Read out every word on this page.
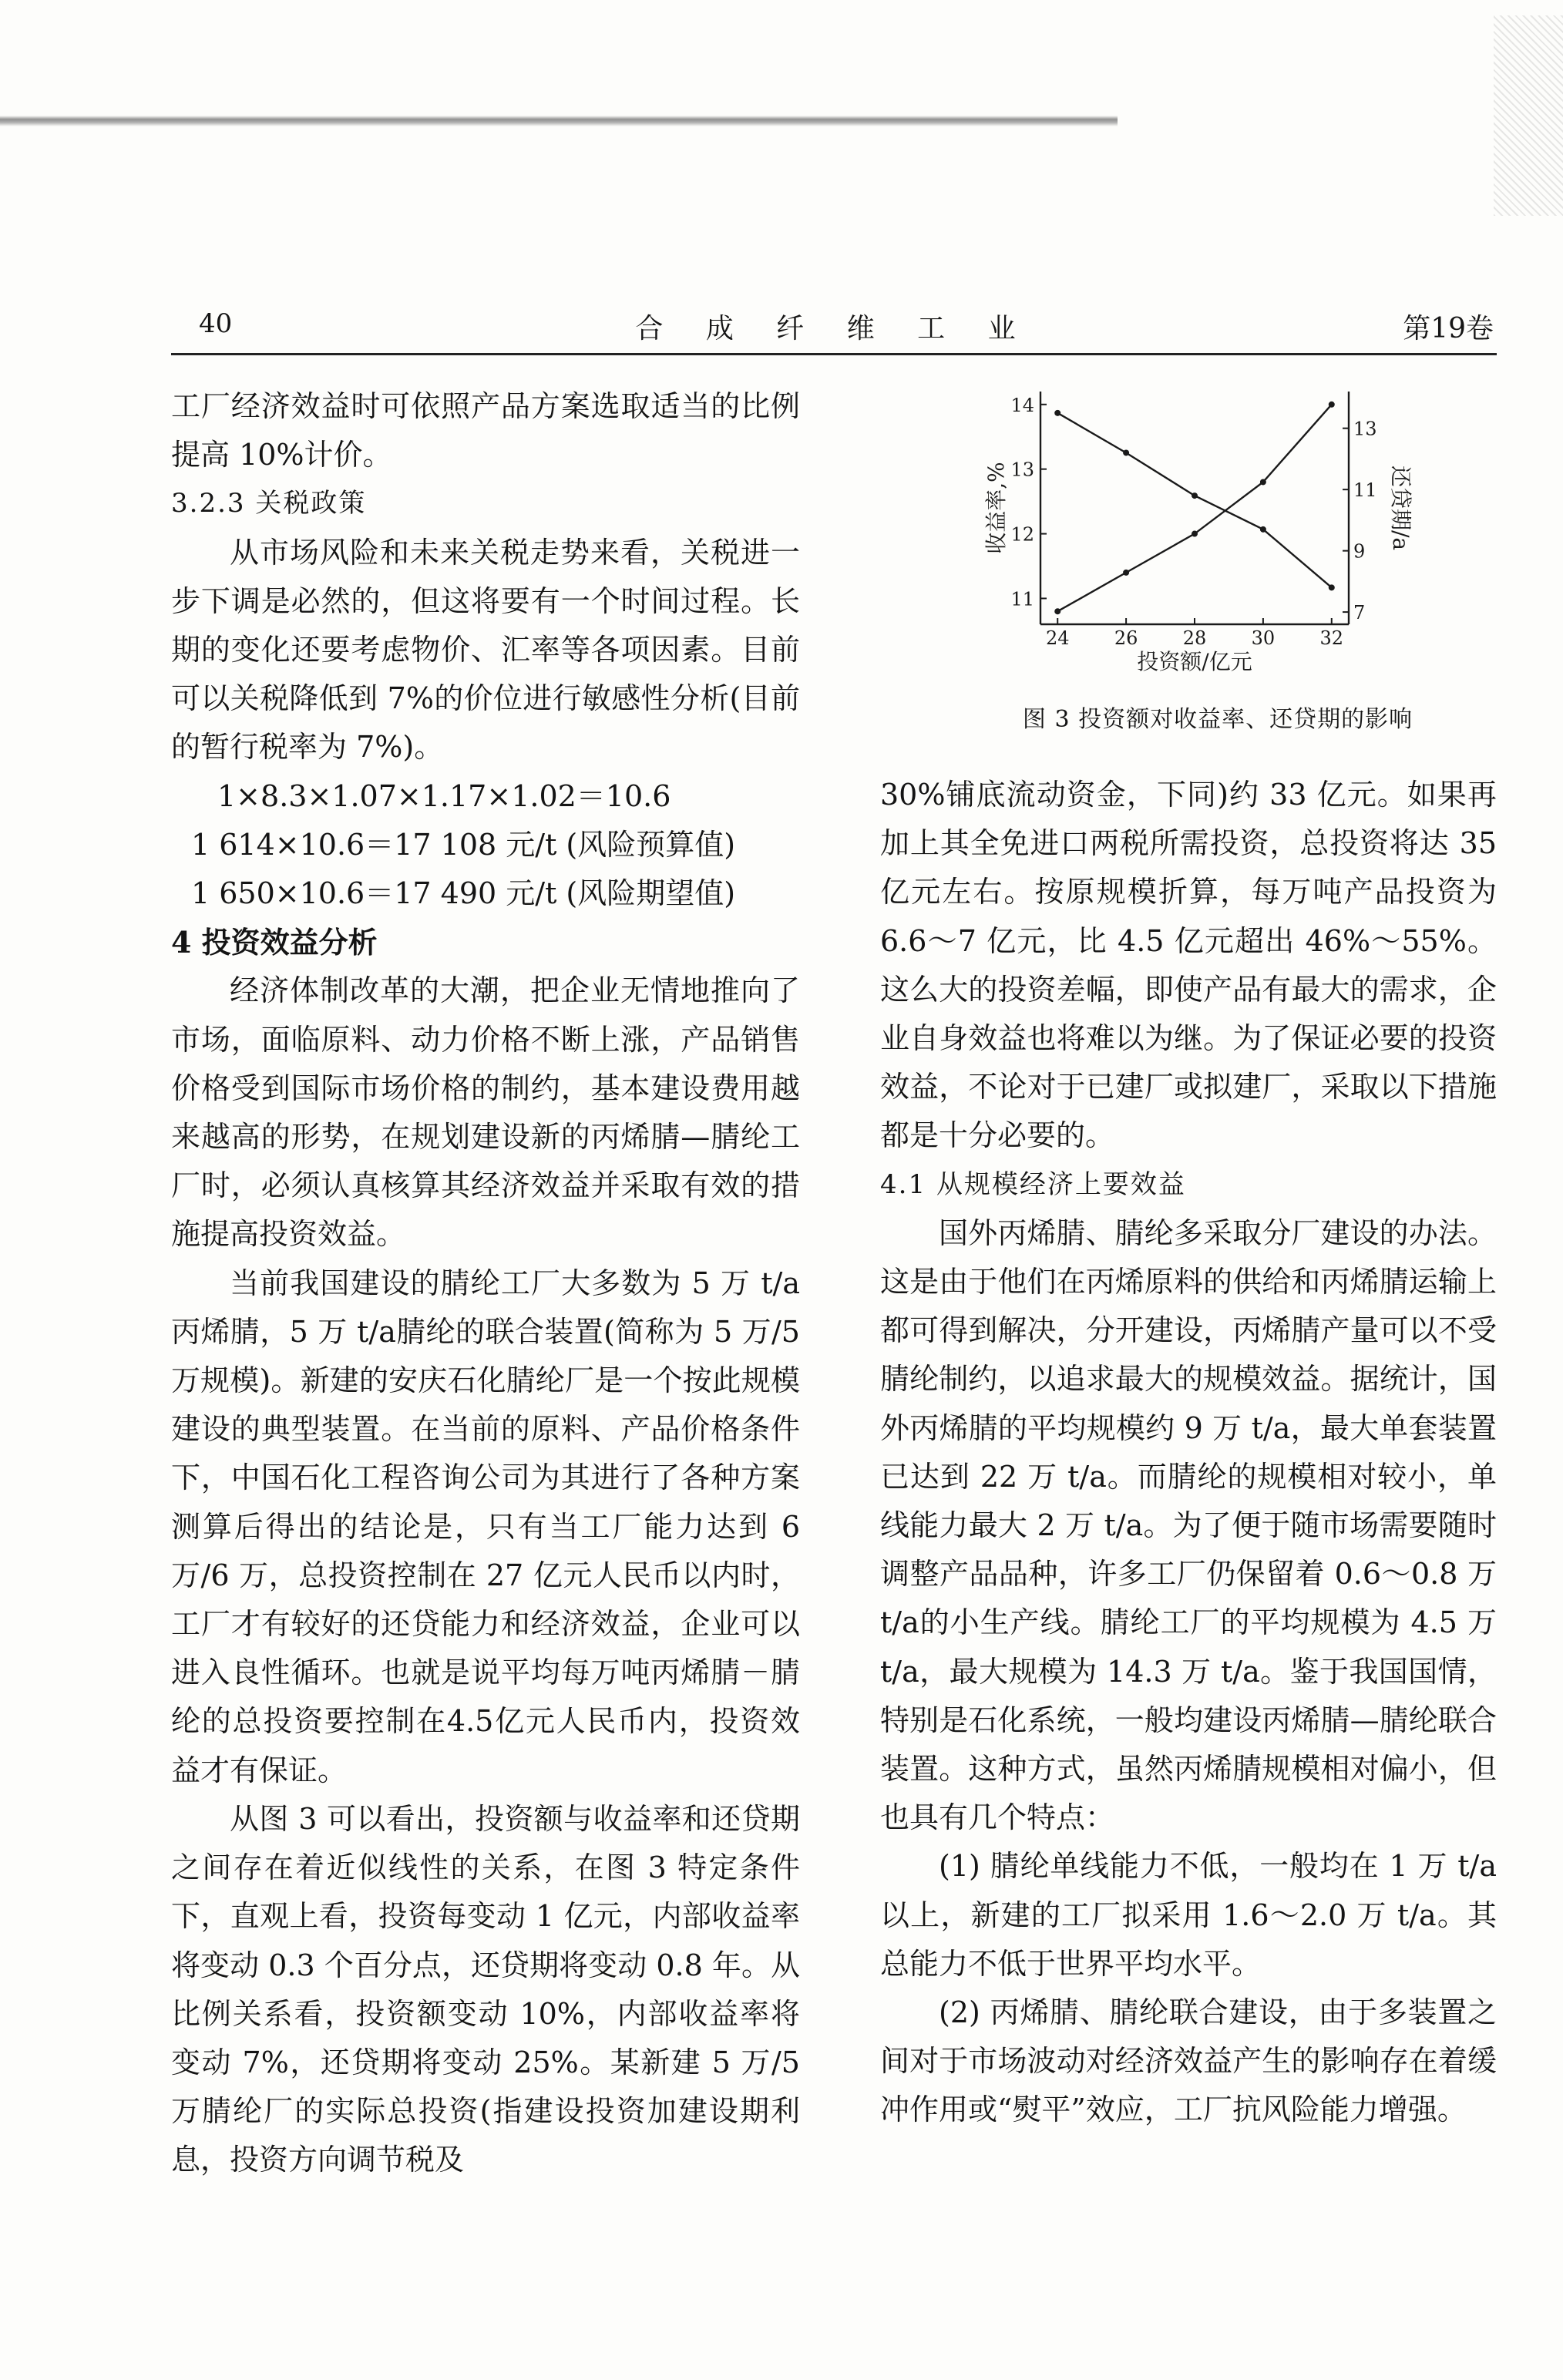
40	合 成 纤 维 工 业	第19卷

工厂经济效益时可依照产品方案选取适当的比例提高 10%计价。

3.2.3 关税政策

从市场风险和未来关税走势来看，关税进一步下调是必然的，但这将要有一个时间过程。长期的变化还要考虑物价、汇率等各项因素。目前可以关税降低到 7%的价位进行敏感性分析(目前的暂行税率为 7%)。

1×8.3×1.07×1.17×1.02＝10.6

1 614×10.6＝17 108 元/t (风险预算值)

1 650×10.6＝17 490 元/t (风险期望值)

4 投资效益分析

经济体制改革的大潮，把企业无情地推向了市场，面临原料、动力价格不断上涨，产品销售价格受到国际市场价格的制约，基本建设费用越来越高的形势，在规划建设新的丙烯腈—腈纶工厂时，必须认真核算其经济效益并采取有效的措施提高投资效益。

当前我国建设的腈纶工厂大多数为 5 万 t/a丙烯腈，5 万 t/a腈纶的联合装置(简称为 5 万/5 万规模)。新建的安庆石化腈纶厂是一个按此规模建设的典型装置。在当前的原料、产品价格条件下，中国石化工程咨询公司为其进行了各种方案测算后得出的结论是，只有当工厂能力达到 6 万/6 万，总投资控制在 27 亿元人民币以内时，工厂才有较好的还贷能力和经济效益，企业可以进入良性循环。也就是说平均每万吨丙烯腈－腈纶的总投资要控制在4.5亿元人民币内，投资效益才有保证。

从图 3 可以看出，投资额与收益率和还贷期之间存在着近似线性的关系，在图 3 特定条件下，直观上看，投资每变动 1 亿元，内部收益率将变动 0.3 个百分点，还贷期将变动 0.8 年。从比例关系看，投资额变动 10%，内部收益率将变动 7%，还贷期将变动 25%。某新建 5 万/5 万腈纶厂的实际总投资(指建设投资加建设期利息，投资方向调节税及

30%铺底流动资金，下同)约 33 亿元。如果再加上其全免进口两税所需投资，总投资将达 35 亿元左右。按原规模折算，每万吨产品投资为 6.6～7 亿元，比 4.5 亿元超出 46%～55%。这么大的投资差幅，即使产品有最大的需求，企业自身效益也将难以为继。为了保证必要的投资效益，不论对于已建厂或拟建厂，采取以下措施都是十分必要的。

4.1 从规模经济上要效益

国外丙烯腈、腈纶多采取分厂建设的办法。这是由于他们在丙烯原料的供给和丙烯腈运输上都可得到解决，分开建设，丙烯腈产量可以不受腈纶制约，以追求最大的规模效益。据统计，国外丙烯腈的平均规模约 9 万 t/a，最大单套装置已达到 22 万 t/a。而腈纶的规模相对较小，单线能力最大 2 万 t/a。为了便于随市场需要随时调整产品品种，许多工厂仍保留着 0.6～0.8 万 t/a的小生产线。腈纶工厂的平均规模为 4.5 万 t/a，最大规模为 14.3 万 t/a。鉴于我国国情，特别是石化系统，一般均建设丙烯腈—腈纶联合装置。这种方式，虽然丙烯腈规模相对偏小，但也具有几个特点：

(1) 腈纶单线能力不低，一般均在 1 万 t/a以上，新建的工厂拟采用 1.6～2.0 万 t/a。其总能力不低于世界平均水平。

(2) 丙烯腈、腈纶联合建设，由于多装置之间对于市场波动对经济效益产生的影响存在着缓冲作用或“熨平”效应，工厂抗风险能力增强。

24 26 28 30 32
11
12
13
14
7
9
11
13
投资额/亿元
收益率,%	还贷期/a
图 3 投资额对收益率、还贷期的影响
